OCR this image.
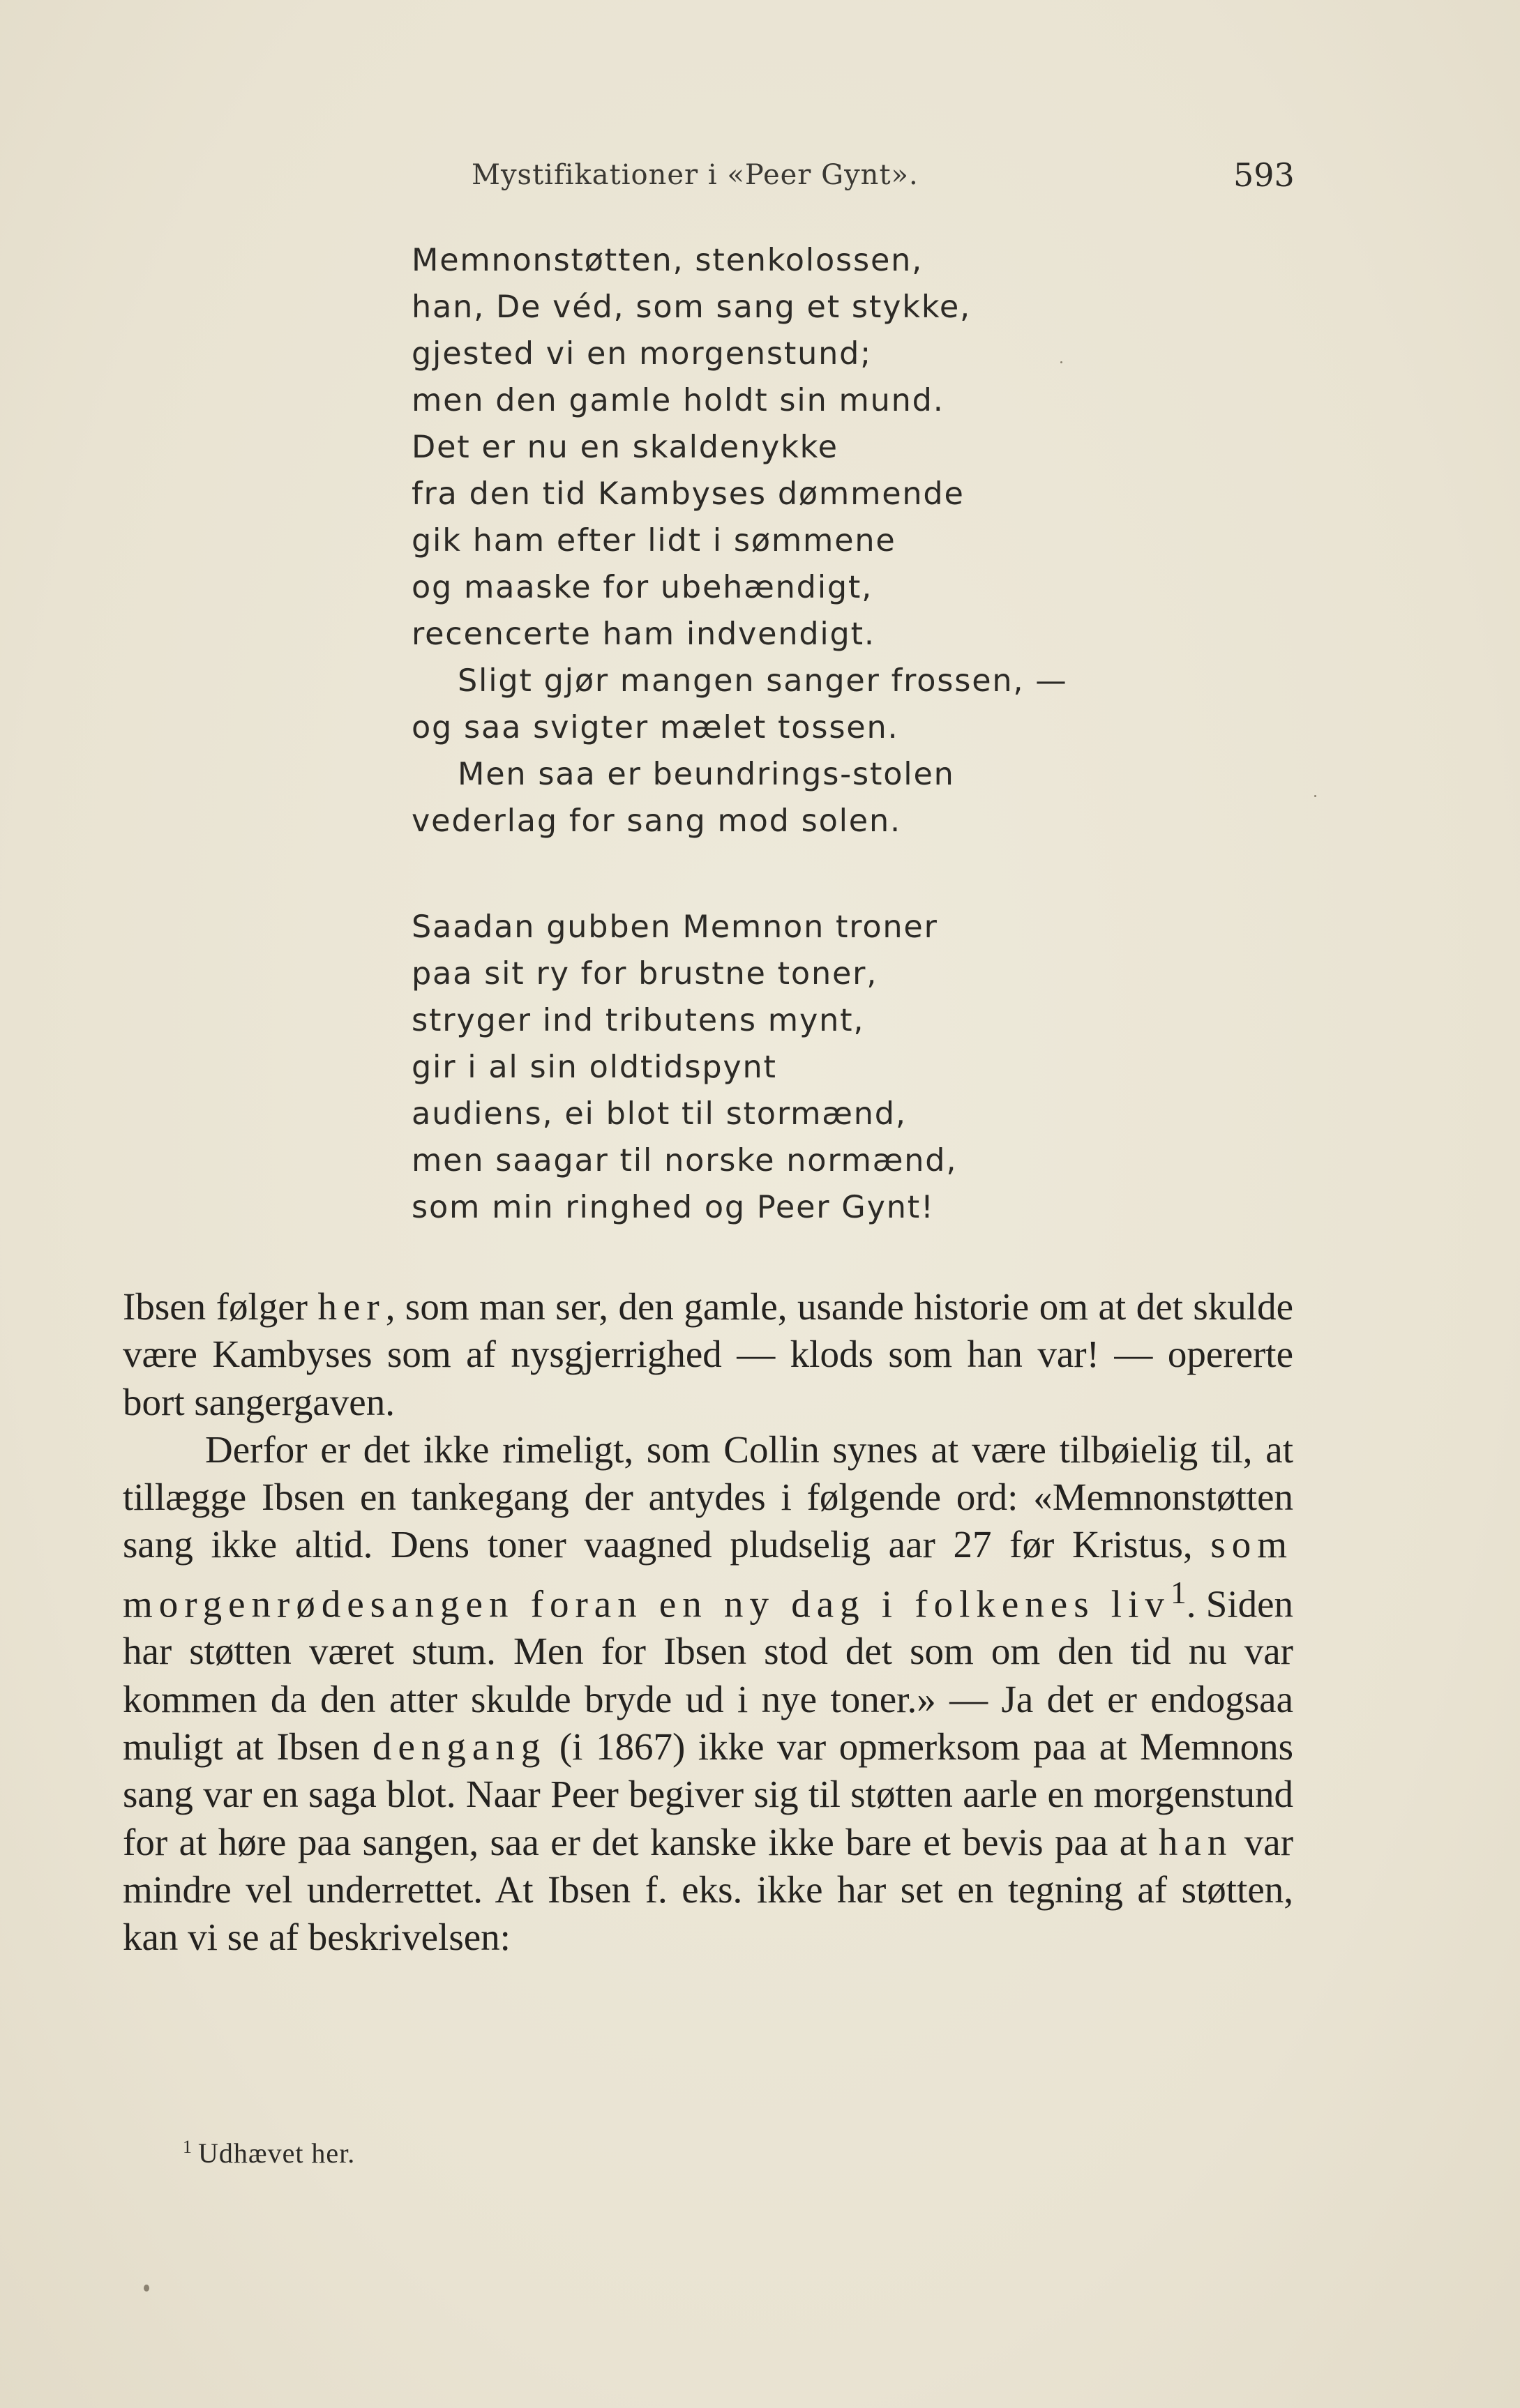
Mystifikationer i «Peer Gynt».	593
Memnonstøtten, stenkolossen,
han, De véd, som sang et stykke,
gjested vi en morgenstund;
men den gamle holdt sin mund.
Det er nu en skaldenykke
fra den tid Kambyses dømmende
gik ham efter lidt i sømmene
og maaske for ubehændigt,
recencerte ham indvendigt.
Sligt gjør mangen sanger frossen, —
og saa svigter mælet tossen.
Men saa er beundrings-stolen
vederlag for sang mod solen.
Saadan gubben Memnon troner
paa sit ry for brustne toner,
stryger ind tributens mynt,
gir i al sin oldtidspynt
audiens, ei blot til stormænd,
men saagar til norske normænd,
som min ringhed og Peer Gynt!

Ibsen følger her, som man ser, den gamle, usande historie om at det skulde være Kambyses som af nysgjerrighed — klods som han var! — opererte bort sangergaven.

Derfor er det ikke rimeligt, som Collin synes at være tilbøielig til, at tillægge Ibsen en tankegang der antydes i følgende ord: «Memnonstøtten sang ikke altid. Dens toner vaagned pludselig aar 27 før Kristus, som morgenrødesangen foran en ny dag i folkenes liv$^1$. Siden har støtten været stum. Men for Ibsen stod det som om den tid nu var kommen da den atter skulde bryde ud i nye toner.» — Ja det er endogsaa muligt at Ibsen dengang (i 1867) ikke var opmerksom paa at Memnons sang var en saga blot. Naar Peer begiver sig til støtten aarle en morgenstund for at høre paa sangen, saa er det kanske ikke bare et bevis paa at han var mindre vel underrettet. At Ibsen f. eks. ikke har set en tegning af støtten, kan vi se af beskrivelsen:

$^1$ Udhævet her.
